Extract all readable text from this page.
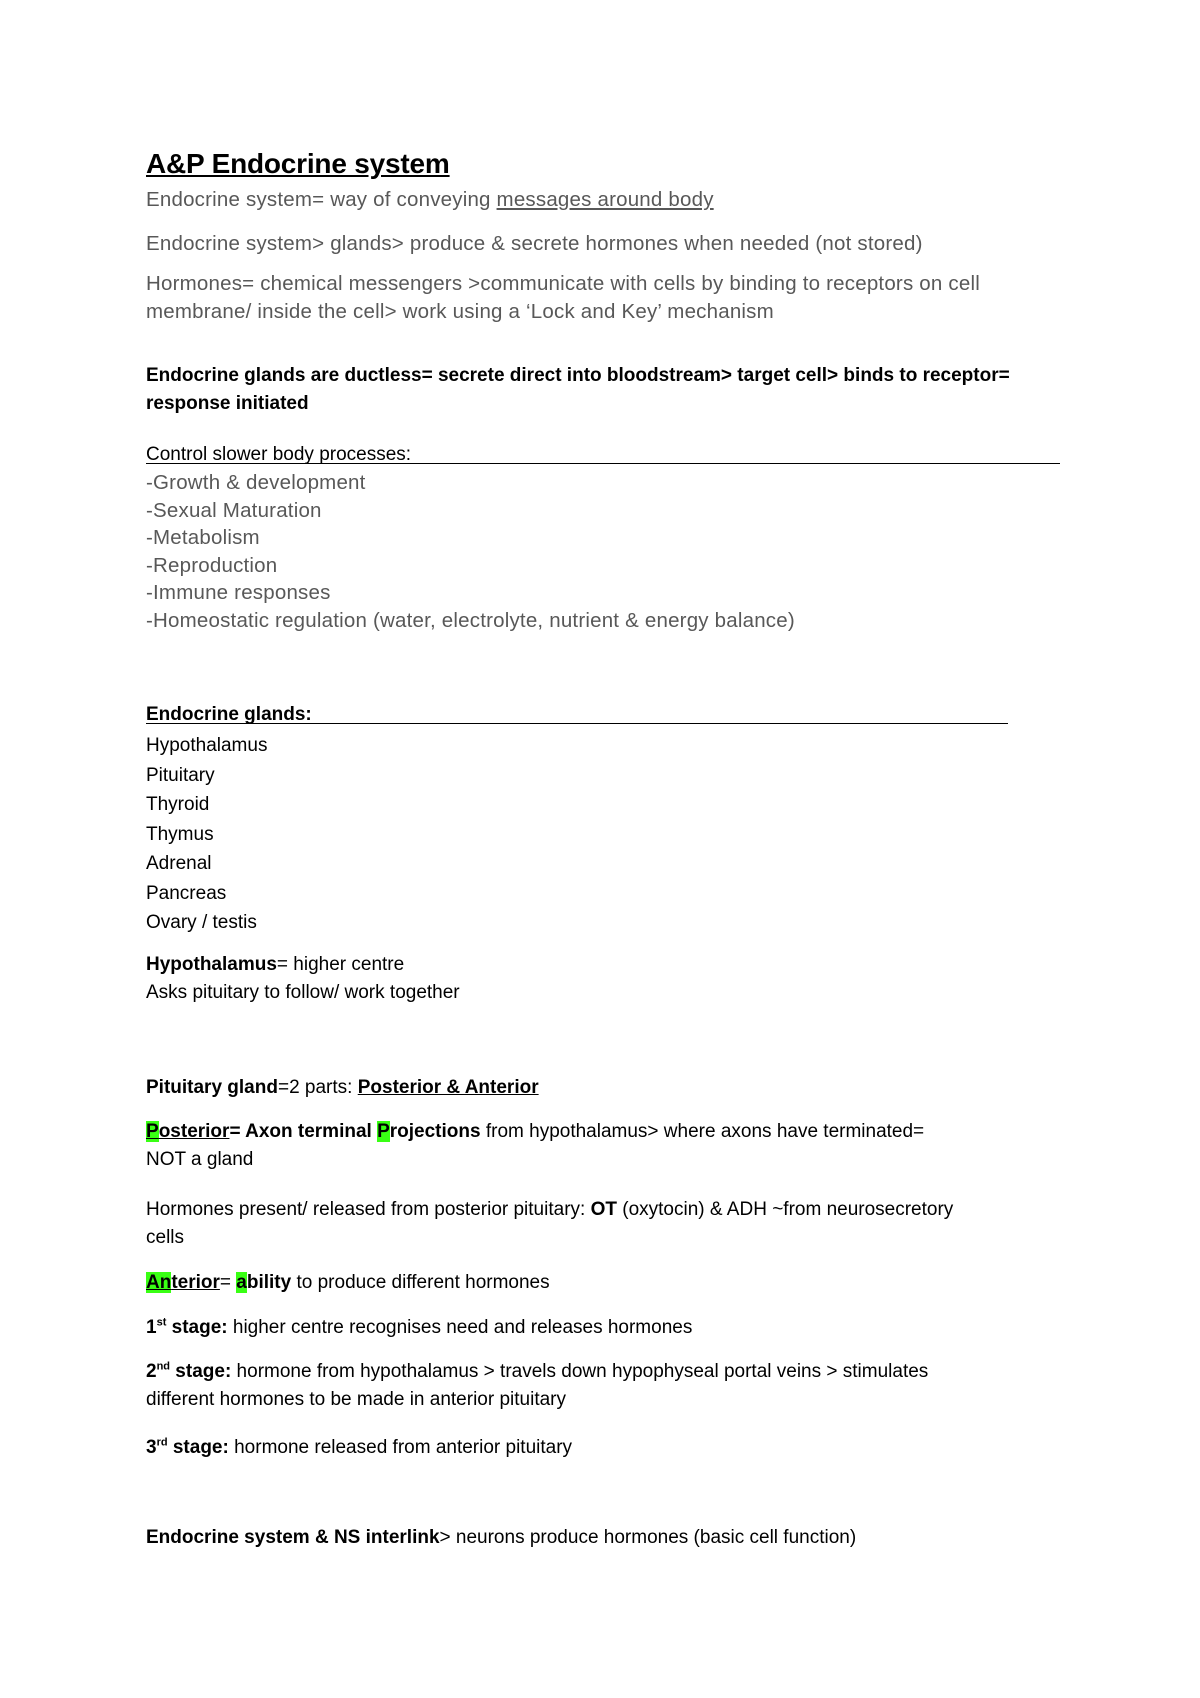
A&P Endocrine system
Endocrine system= way of conveying messages around body
Endocrine system> glands> produce & secrete hormones when needed (not stored)
Hormones= chemical messengers >communicate with cells by binding to receptors on cell
membrane/ inside the cell> work using a ‘Lock and Key’ mechanism
Endocrine glands are ductless= secrete direct into bloodstream> target cell> binds to receptor=
response initiated
Control slower body processes:
-Growth & development
-Sexual Maturation
-Metabolism
-Reproduction
-Immune responses
-Homeostatic regulation (water, electrolyte, nutrient & energy balance)
Endocrine glands:
Hypothalamus
Pituitary
Thyroid
Thymus
Adrenal
Pancreas
Ovary / testis
Hypothalamus= higher centre
Asks pituitary to follow/ work together
Pituitary gland=2 parts: Posterior & Anterior
Posterior= Axon terminal Projections from hypothalamus> where axons have terminated=
NOT a gland
Hormones present/ released from posterior pituitary: OT (oxytocin) & ADH ~from neurosecretory
cells
Anterior= ability to produce different hormones
1st stage: higher centre recognises need and releases hormones
2nd stage: hormone from hypothalamus > travels down hypophyseal portal veins > stimulates
different hormones to be made in anterior pituitary
3rd stage: hormone released from anterior pituitary
Endocrine system & NS interlink> neurons produce hormones (basic cell function)
